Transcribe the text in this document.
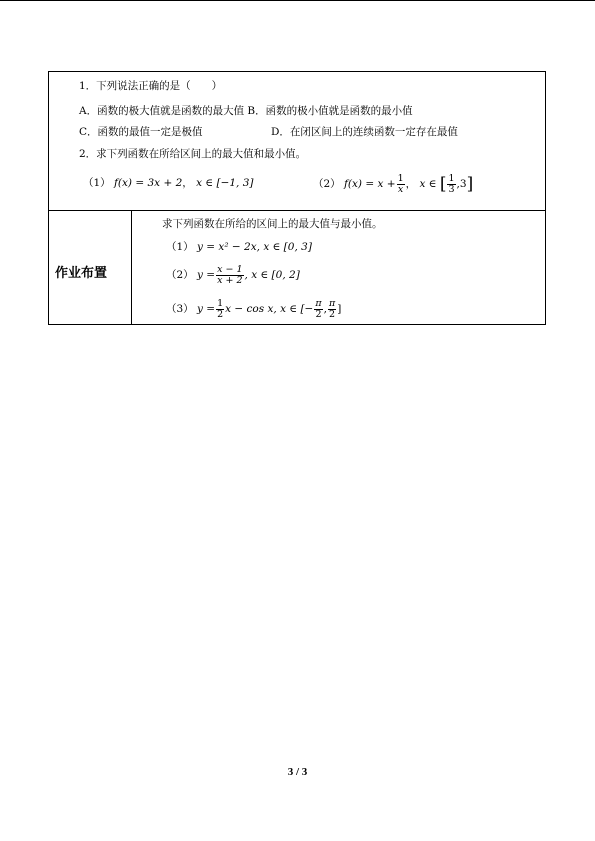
1．下列说法正确的是（　　）
A．函数的极大值就是函数的最大值 B．函数的极小值就是函数的最小值
C．函数的最值一定是极值	D．在闭区间上的连续函数一定存在最值
2．求下列函数在所给区间上的最大值和最小值。
（1） f(x) = 3x + 2， x ∈ [−1, 3]	（2） $f(x) = x + \frac{1}{x}$ ， x ∈ [ $\frac{1}{3} ,3$]
作业布置
求下列函数在所给的区间上的最大值与最小值。
（1） y = x² − 2x, x ∈ [0, 3]
（2） $y = \frac{x - 1}{x + 2}$ , x ∈ [0, 2]
（3） $y = \frac{1}{2}$ x − cos x, x ∈ [− $\frac{\pi}{2}$ , $\frac{\pi}{2}$ ]
3 / 3
